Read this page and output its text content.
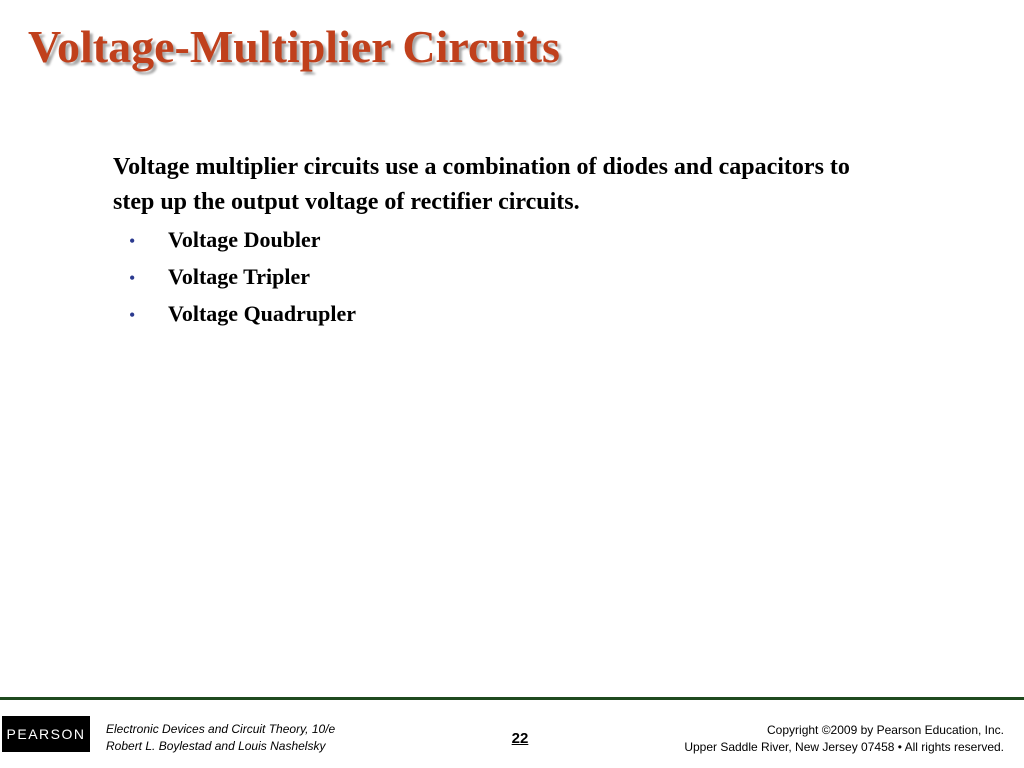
Voltage-Multiplier Circuits

Voltage multiplier circuits use a combination of diodes and capacitors to step up the output voltage of rectifier circuits.

•	Voltage Doubler
•	Voltage Tripler
•	Voltage Quadrupler
PEARSON Electronic Devices and Circuit Theory, 10/e
Robert L. Boylestad and Louis Nashelsky	22	Copyright ©2009 by Pearson Education, Inc.
Upper Saddle River, New Jersey 07458 • All rights reserved.
